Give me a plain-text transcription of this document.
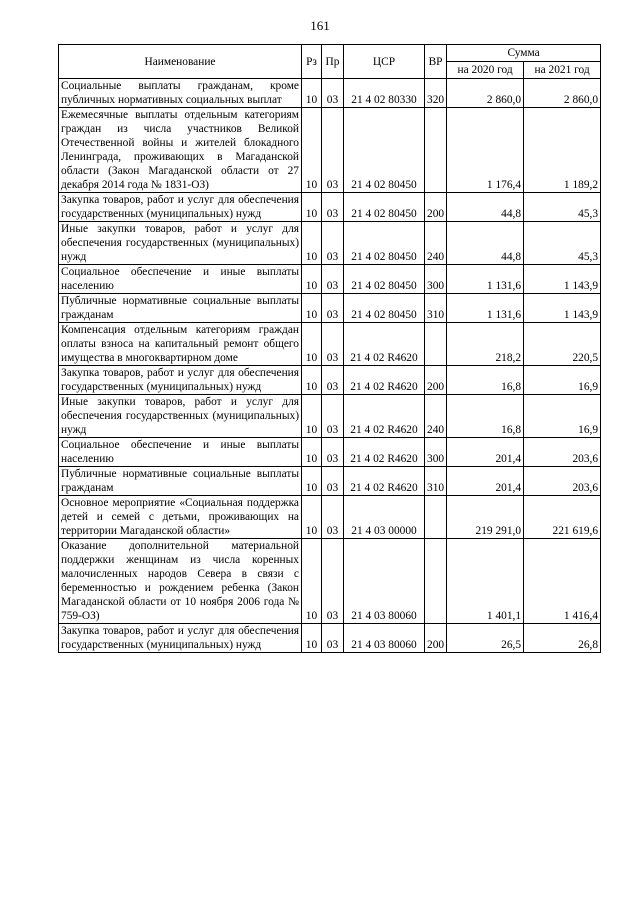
161
Наименование	Рз	Пр	ЦСР	ВР	Сумма	
					на 2020 год	на 2021 год
Социальные выплаты гражданам, кроме публичных нормативных социальных выплат	10	03	21 4 02 80330	320	2 860,0	2 860,0
Ежемесячные выплаты отдельным категориям граждан из числа участников Великой Отечественной войны и жителей блокадного Ленинграда, проживающих в Магаданской области (Закон Магаданской области от 27 декабря 2014 года № 1831-ОЗ)	10	03	21 4 02 80450		1 176,4	1 189,2
Закупка товаров, работ и услуг для обеспечения государственных (муниципальных) нужд	10	03	21 4 02 80450	200	44,8	45,3
Иные закупки товаров, работ и услуг для обеспечения государственных (муниципальных) нужд	10	03	21 4 02 80450	240	44,8	45,3
Социальное обеспечение и иные выплаты населению	10	03	21 4 02 80450	300	1 131,6	1 143,9
Публичные нормативные социальные выплаты гражданам	10	03	21 4 02 80450	310	1 131,6	1 143,9
Компенсация отдельным категориям граждан оплаты взноса на капитальный ремонт общего имущества в многоквартирном доме	10	03	21 4 02 R4620		218,2	220,5
Закупка товаров, работ и услуг для обеспечения государственных (муниципальных) нужд	10	03	21 4 02 R4620	200	16,8	16,9
Иные закупки товаров, работ и услуг для обеспечения государственных (муниципальных) нужд	10	03	21 4 02 R4620	240	16,8	16,9
Социальное обеспечение и иные выплаты населению	10	03	21 4 02 R4620	300	201,4	203,6
Публичные нормативные социальные выплаты гражданам	10	03	21 4 02 R4620	310	201,4	203,6
Основное мероприятие «Социальная поддержка детей и семей с детьми, проживающих на территории Магаданской области»	10	03	21 4 03 00000		219 291,0	221 619,6
Оказание дополнительной материальной поддержки женщинам из числа коренных малочисленных народов Севера в связи с беременностью и рождением ребенка (Закон Магаданской области от 10 ноября 2006 года № 759-ОЗ)	10	03	21 4 03 80060		1 401,1	1 416,4
Закупка товаров, работ и услуг для обеспечения государственных (муниципальных) нужд	10	03	21 4 03 80060	200	26,5	26,8
